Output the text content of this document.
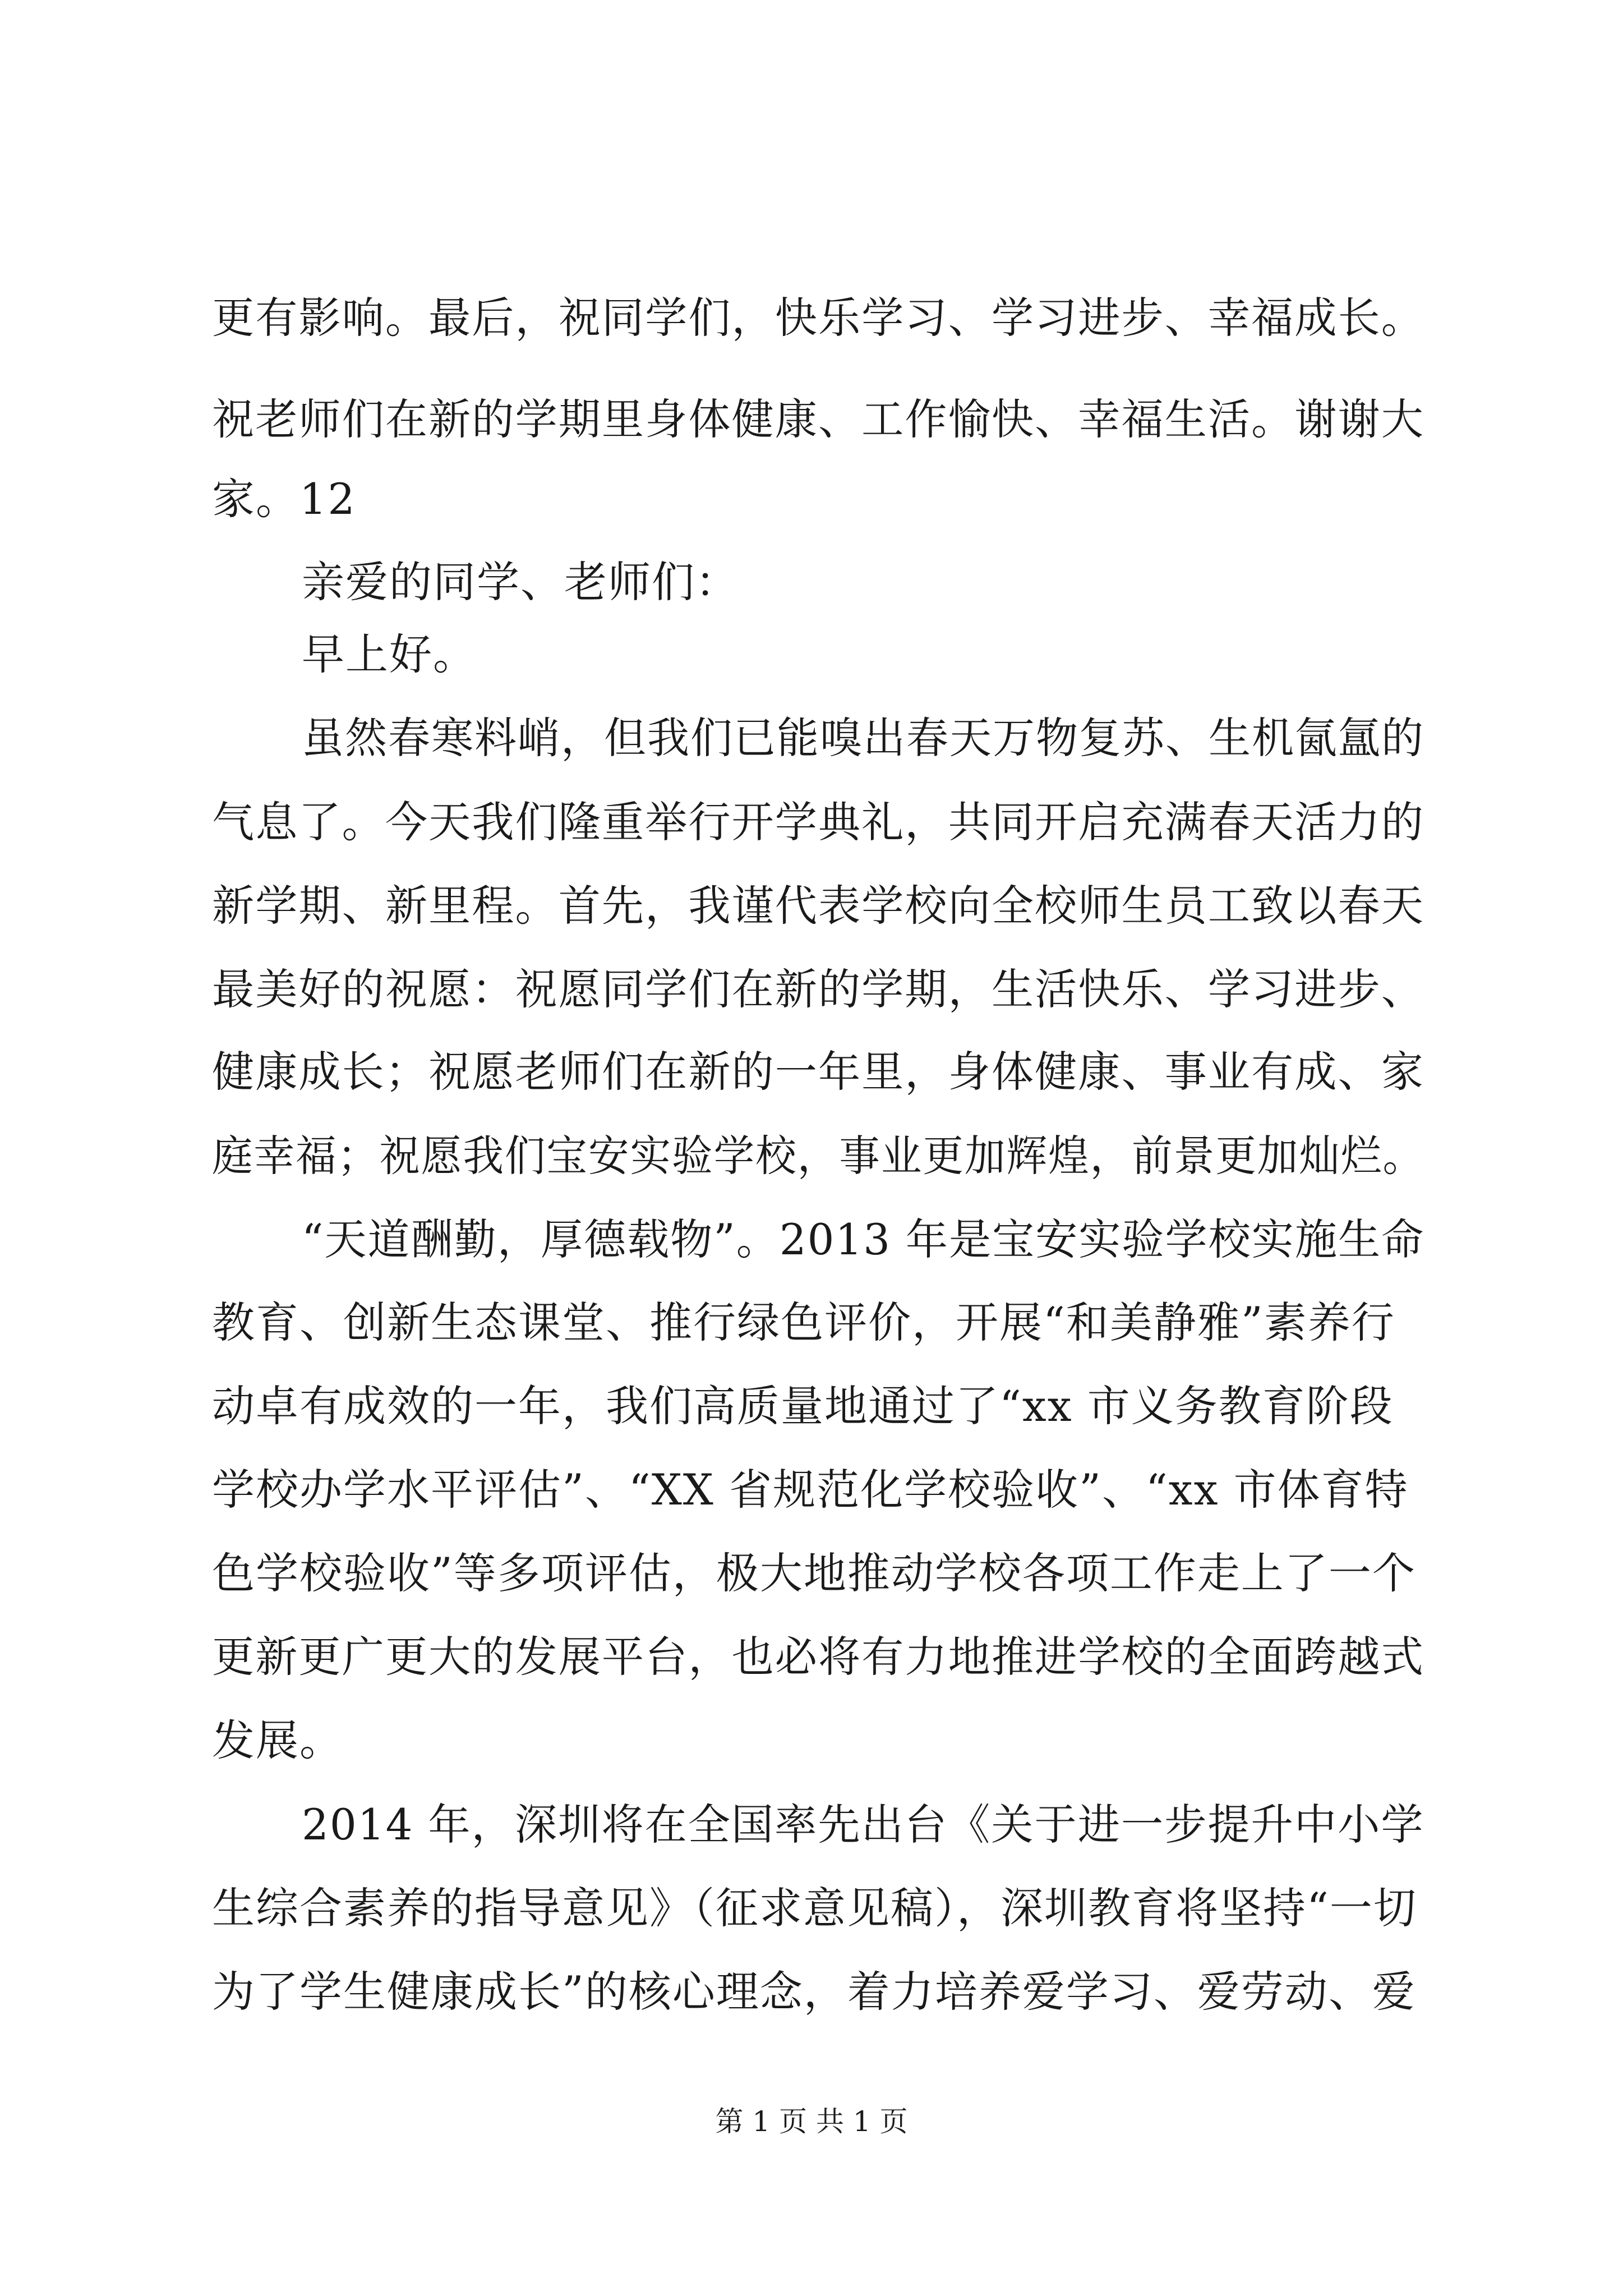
更有影响。最后，祝同学们，快乐学习、学习进步、幸福成长。

祝老师们在新的学期里身体健康、工作愉快、幸福生活。谢谢大

家。12

亲爱的同学、老师们：

早上好。

虽然春寒料峭，但我们已能嗅出春天万物复苏、生机氤氲的

气息了。今天我们隆重举行开学典礼，共同开启充满春天活力的

新学期、新里程。首先，我谨代表学校向全校师生员工致以春天

最美好的祝愿：祝愿同学们在新的学期，生活快乐、学习进步、

健康成长；祝愿老师们在新的一年里，身体健康、事业有成、家

庭幸福；祝愿我们宝安实验学校，事业更加辉煌，前景更加灿烂。

“天道酬勤，厚德载物”。2013 年是宝安实验学校实施生命

教育、创新生态课堂、推行绿色评价，开展“和美静雅”素养行

动卓有成效的一年，我们高质量地通过了“xx 市义务教育阶段

学校办学水平评估”、“XX 省规范化学校验收”、“xx 市体育特

色学校验收”等多项评估，极大地推动学校各项工作走上了一个

更新更广更大的发展平台，也必将有力地推进学校的全面跨越式

发展。

2014 年，深圳将在全国率先出台《关于进一步提升中小学

生综合素养的指导意见》（征求意见稿），深圳教育将坚持“一切

为了学生健康成长”的核心理念，着力培养爱学习、爱劳动、爱

第 1 页 共 1 页
